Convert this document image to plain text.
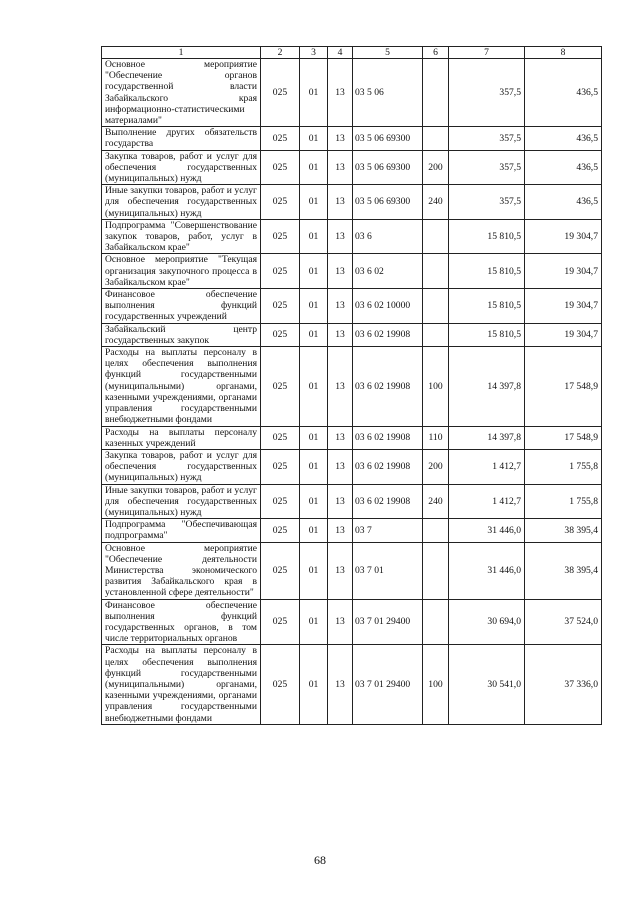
1	2	3	4	5	6	7	8
Основное мероприятие "Обеспечение органов государственной власти Забайкальского края информационно-статистическими материалами"	025	01	13	03 5 06		357,5	436,5
Выполнение других обязательств государства	025	01	13	03 5 06 69300		357,5	436,5
Закупка товаров, работ и услуг для обеспечения государственных (муниципальных) нужд	025	01	13	03 5 06 69300	200	357,5	436,5
Иные закупки товаров, работ и услуг для обеспечения государственных (муниципальных) нужд	025	01	13	03 5 06 69300	240	357,5	436,5
Подпрограмма "Совершенствование закупок товаров, работ, услуг в Забайкальском крае"	025	01	13	03 6		15 810,5	19 304,7
Основное мероприятие "Текущая организация закупочного процесса в Забайкальском крае"	025	01	13	03 6 02		15 810,5	19 304,7
Финансовое обеспечение выполнения функций государственных учреждений	025	01	13	03 6 02 10000		15 810,5	19 304,7
Забайкальский центр государственных закупок	025	01	13	03 6 02 19908		15 810,5	19 304,7
Расходы на выплаты персоналу в целях обеспечения выполнения функций государственными (муниципальными) органами, казенными учреждениями, органами управления государственными внебюджетными фондами	025	01	13	03 6 02 19908	100	14 397,8	17 548,9
Расходы на выплаты персоналу казенных учреждений	025	01	13	03 6 02 19908	110	14 397,8	17 548,9
Закупка товаров, работ и услуг для обеспечения государственных (муниципальных) нужд	025	01	13	03 6 02 19908	200	1 412,7	1 755,8
Иные закупки товаров, работ и услуг для обеспечения государственных (муниципальных) нужд	025	01	13	03 6 02 19908	240	1 412,7	1 755,8
Подпрограмма "Обеспечивающая подпрограмма"	025	01	13	03 7		31 446,0	38 395,4
Основное мероприятие "Обеспечение деятельности Министерства экономического развития Забайкальского края в установленной сфере деятельности"	025	01	13	03 7 01		31 446,0	38 395,4
Финансовое обеспечение выполнения функций государственных органов, в том числе территориальных органов	025	01	13	03 7 01 29400		30 694,0	37 524,0
Расходы на выплаты персоналу в целях обеспечения выполнения функций государственными (муниципальными) органами, казенными учреждениями, органами управления государственными внебюджетными фондами	025	01	13	03 7 01 29400	100	30 541,0	37 336,0
68
